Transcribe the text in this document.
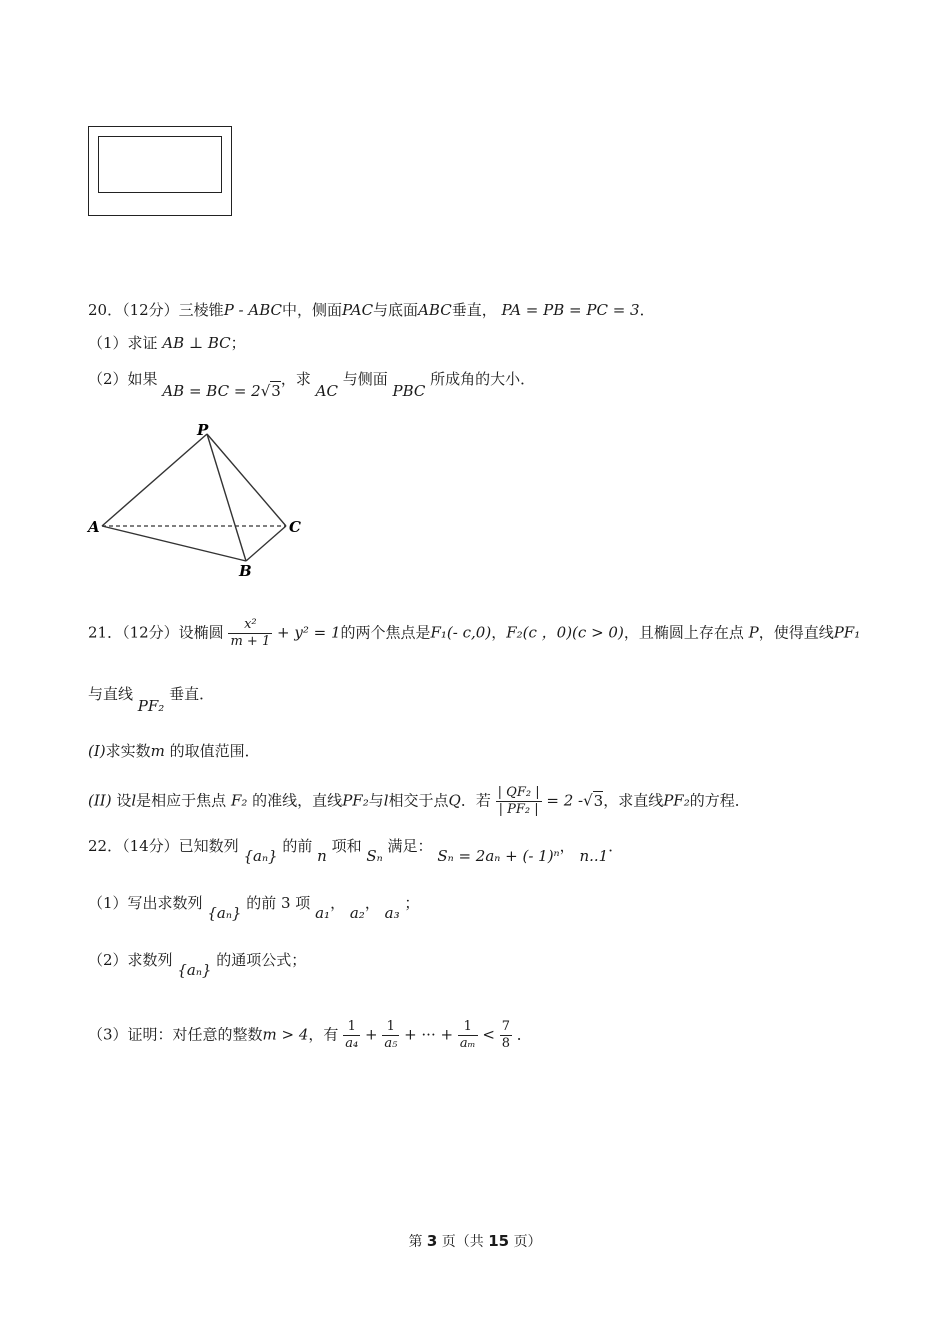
20．（12分）三棱锥P - ABC中，侧面PAC与底面ABC垂直， PA = PB = PC = 3．
（1）求证 AB ⊥ BC；
（2）如果 AB = BC = 2√3，求 AC 与侧面 PBC 所成角的大小．
P
A	C
B
21．（12分）设椭圆 $\frac{\text{x²}}{m + 1} + y^2 = 1$的两个焦点是F₁(- c,0)，F₂(c ，0)(c > 0)，且椭圆上存在点 P，使得直线PF₁
与直线 PF₂ 垂直．
(I)求实数m 的取值范围．
(II) 设l是相应于焦点 F₂ 的准线，直线PF₂与l相交于点Q．若 $\frac{\text{| QF₂ |}}{\text{| PF₂ |}} = 2$ -√3，求直线PF₂的方程．
22．（14分）已知数列 {aₙ} 的前 n 项和 Sₙ 满足： Sₙ = 2aₙ + (- 1)ⁿ， n..1．
（1）写出求数列 {aₙ} 的前 3 项 a₁， a₂， a₃ ；
（2）求数列 {aₙ} 的通项公式；
（3）证明：对任意的整数m > 4，有 $\frac{1}{\text{a₄}} + \frac{1}{\text{a₅}}$ + ··· + $\frac{1}{\text{aₘ}} < \frac{7}{8}$ ．
第 3 页（共 15 页）
